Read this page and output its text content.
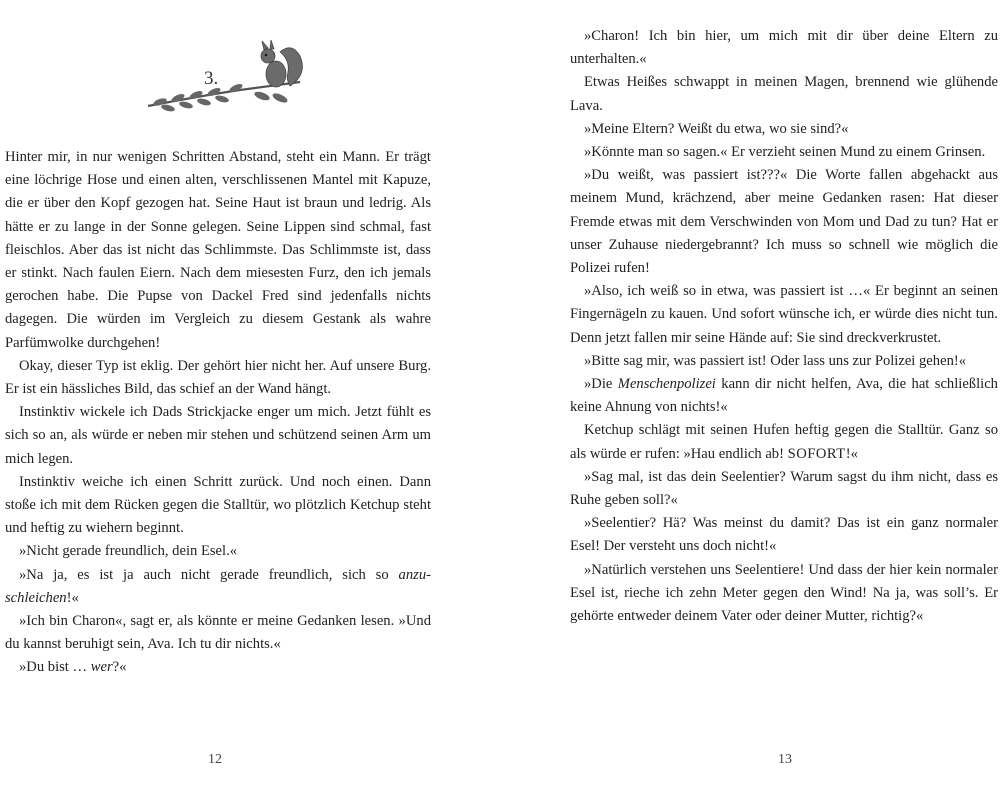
3.

Hinter mir, in nur wenigen Schritten Abstand, steht ein Mann. Er trägt eine löchrige Hose und einen alten, verschlissenen Mantel mit Kapuze, die er über den Kopf gezogen hat. Seine Haut ist braun und ledrig. Als hätte er zu lange in der Sonne gelegen. Seine Lippen sind schmal, fast fleischlos. Aber das ist nicht das Schlimmste. Das Schlimmste ist, dass er stinkt. Nach faulen Eiern. Nach dem miesesten Furz, den ich jemals gerochen habe. Die Pupse von Dackel Fred sind jedenfalls nichts dagegen. Die würden im Vergleich zu diesem Gestank als wahre Parfümwolke durchgehen!

Okay, dieser Typ ist eklig. Der gehört hier nicht her. Auf unsere Burg. Er ist ein hässliches Bild, das schief an der Wand hängt.

Instinktiv wickele ich Dads Strickjacke enger um mich. Jetzt fühlt es sich so an, als würde er neben mir stehen und schützend seinen Arm um mich legen.

Instinktiv weiche ich einen Schritt zurück. Und noch einen. Dann stoße ich mit dem Rücken gegen die Stalltür, wo plötzlich Ketchup steht und heftig zu wiehern beginnt.

»Nicht gerade freundlich, dein Esel.«

»Na ja, es ist ja auch nicht gerade freundlich, sich so anzuschleichen!«

»Ich bin Charon«, sagt er, als könnte er meine Gedanken lesen. »Und du kannst beruhigt sein, Ava. Ich tu dir nichts.«

»Du bist … wer?«

12

»Charon! Ich bin hier, um mich mit dir über deine Eltern zu unterhalten.«

Etwas Heißes schwappt in meinen Magen, brennend wie glühende Lava.

»Meine Eltern? Weißt du etwa, wo sie sind?«

»Könnte man so sagen.« Er verzieht seinen Mund zu einem Grinsen.

»Du weißt, was passiert ist???« Die Worte fallen abgehackt aus meinem Mund, krächzend, aber meine Gedanken rasen: Hat dieser Fremde etwas mit dem Verschwinden von Mom und Dad zu tun? Hat er unser Zuhause niedergebrannt? Ich muss so schnell wie möglich die Polizei rufen!

»Also, ich weiß so in etwa, was passiert ist …« Er beginnt an seinen Fingernägeln zu kauen. Und sofort wünsche ich, er würde dies nicht tun. Denn jetzt fallen mir seine Hände auf: Sie sind dreckverkrustet.

»Bitte sag mir, was passiert ist! Oder lass uns zur Polizei gehen!«

»Die Menschenpolizei kann dir nicht helfen, Ava, die hat schließlich keine Ahnung von nichts!«

Ketchup schlägt mit seinen Hufen heftig gegen die Stalltür. Ganz so als würde er rufen: »Hau endlich ab! SOFORT!«

»Sag mal, ist das dein Seelentier? Warum sagst du ihm nicht, dass es Ruhe geben soll?«

»Seelentier? Hä? Was meinst du damit? Das ist ein ganz normaler Esel! Der versteht uns doch nicht!«

»Natürlich verstehen uns Seelentiere! Und dass der hier kein normaler Esel ist, rieche ich zehn Meter gegen den Wind! Na ja, was soll’s. Er gehörte entweder deinem Vater oder deiner Mutter, richtig?«

13
